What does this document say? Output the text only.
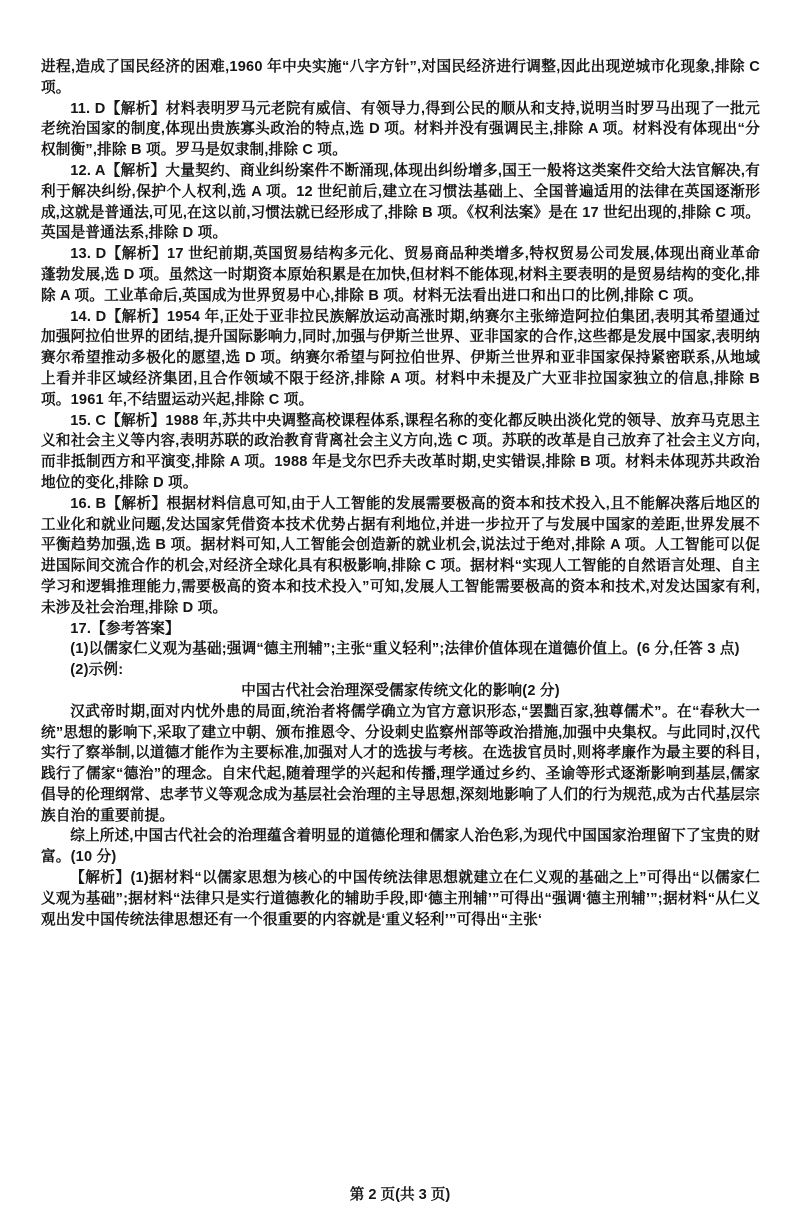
进程,造成了国民经济的困难,1960 年中央实施“八字方针”,对国民经济进行调整,因此出现逆城市化现象,排除 C 项。

11. D【解析】材料表明罗马元老院有威信、有领导力,得到公民的顺从和支持,说明当时罗马出现了一批元老统治国家的制度,体现出贵族寡头政治的特点,选 D 项。材料并没有强调民主,排除 A 项。材料没有体现出“分权制衡”,排除 B 项。罗马是奴隶制,排除 C 项。

12. A【解析】大量契约、商业纠纷案件不断涌现,体现出纠纷增多,国王一般将这类案件交给大法官解决,有利于解决纠纷,保护个人权利,选 A 项。12 世纪前后,建立在习惯法基础上、全国普遍适用的法律在英国逐渐形成,这就是普通法,可见,在这以前,习惯法就已经形成了,排除 B 项。《权利法案》是在 17 世纪出现的,排除 C 项。英国是普通法系,排除 D 项。

13. D【解析】17 世纪前期,英国贸易结构多元化、贸易商品种类增多,特权贸易公司发展,体现出商业革命蓬勃发展,选 D 项。虽然这一时期资本原始积累是在加快,但材料不能体现,材料主要表明的是贸易结构的变化,排除 A 项。工业革命后,英国成为世界贸易中心,排除 B 项。材料无法看出进口和出口的比例,排除 C 项。

14. D【解析】1954 年,正处于亚非拉民族解放运动高涨时期,纳赛尔主张缔造阿拉伯集团,表明其希望通过加强阿拉伯世界的团结,提升国际影响力,同时,加强与伊斯兰世界、亚非国家的合作,这些都是发展中国家,表明纳赛尔希望推动多极化的愿望,选 D 项。纳赛尔希望与阿拉伯世界、伊斯兰世界和亚非国家保持紧密联系,从地域上看并非区域经济集团,且合作领域不限于经济,排除 A 项。材料中未提及广大亚非拉国家独立的信息,排除 B 项。1961 年,不结盟运动兴起,排除 C 项。

15. C【解析】1988 年,苏共中央调整高校课程体系,课程名称的变化都反映出淡化党的领导、放弃马克思主义和社会主义等内容,表明苏联的政治教育背离社会主义方向,选 C 项。苏联的改革是自己放弃了社会主义方向,而非抵制西方和平演变,排除 A 项。1988 年是戈尔巴乔夫改革时期,史实错误,排除 B 项。材料未体现苏共政治地位的变化,排除 D 项。

16. B【解析】根据材料信息可知,由于人工智能的发展需要极高的资本和技术投入,且不能解决落后地区的工业化和就业问题,发达国家凭借资本技术优势占据有利地位,并进一步拉开了与发展中国家的差距,世界发展不平衡趋势加强,选 B 项。据材料可知,人工智能会创造新的就业机会,说法过于绝对,排除 A 项。人工智能可以促进国际间交流合作的机会,对经济全球化具有积极影响,排除 C 项。据材料“实现人工智能的自然语言处理、自主学习和逻辑推理能力,需要极高的资本和技术投入”可知,发展人工智能需要极高的资本和技术,对发达国家有利,未涉及社会治理,排除 D 项。

17.【参考答案】

(1)以儒家仁义观为基础;强调“德主刑辅”;主张“重义轻利”;法律价值体现在道德价值上。(6 分,任答 3 点)

(2)示例:

中国古代社会治理深受儒家传统文化的影响(2 分)

汉武帝时期,面对内忧外患的局面,统治者将儒学确立为官方意识形态,“罢黜百家,独尊儒术”。在“春秋大一统”思想的影响下,采取了建立中朝、颁布推恩令、分设刺史监察州部等政治措施,加强中央集权。与此同时,汉代实行了察举制,以道德才能作为主要标准,加强对人才的选拔与考核。在选拔官员时,则将孝廉作为最主要的科目,践行了儒家“德治”的理念。自宋代起,随着理学的兴起和传播,理学通过乡约、圣谕等形式逐渐影响到基层,儒家倡导的伦理纲常、忠孝节义等观念成为基层社会治理的主导思想,深刻地影响了人们的行为规范,成为古代基层宗族自治的重要前提。

综上所述,中国古代社会的治理蕴含着明显的道德伦理和儒家人治色彩,为现代中国国家治理留下了宝贵的财富。(10 分)

【解析】(1)据材料“以儒家思想为核心的中国传统法律思想就建立在仁义观的基础之上”可得出“以儒家仁义观为基础”;据材料“法律只是实行道德教化的辅助手段,即‘德主刑辅’”可得出“强调‘德主刑辅’”;据材料“从仁义观出发中国传统法律思想还有一个很重要的内容就是‘重义轻利’”可得出“主张‘

第 2 页(共 3 页)
